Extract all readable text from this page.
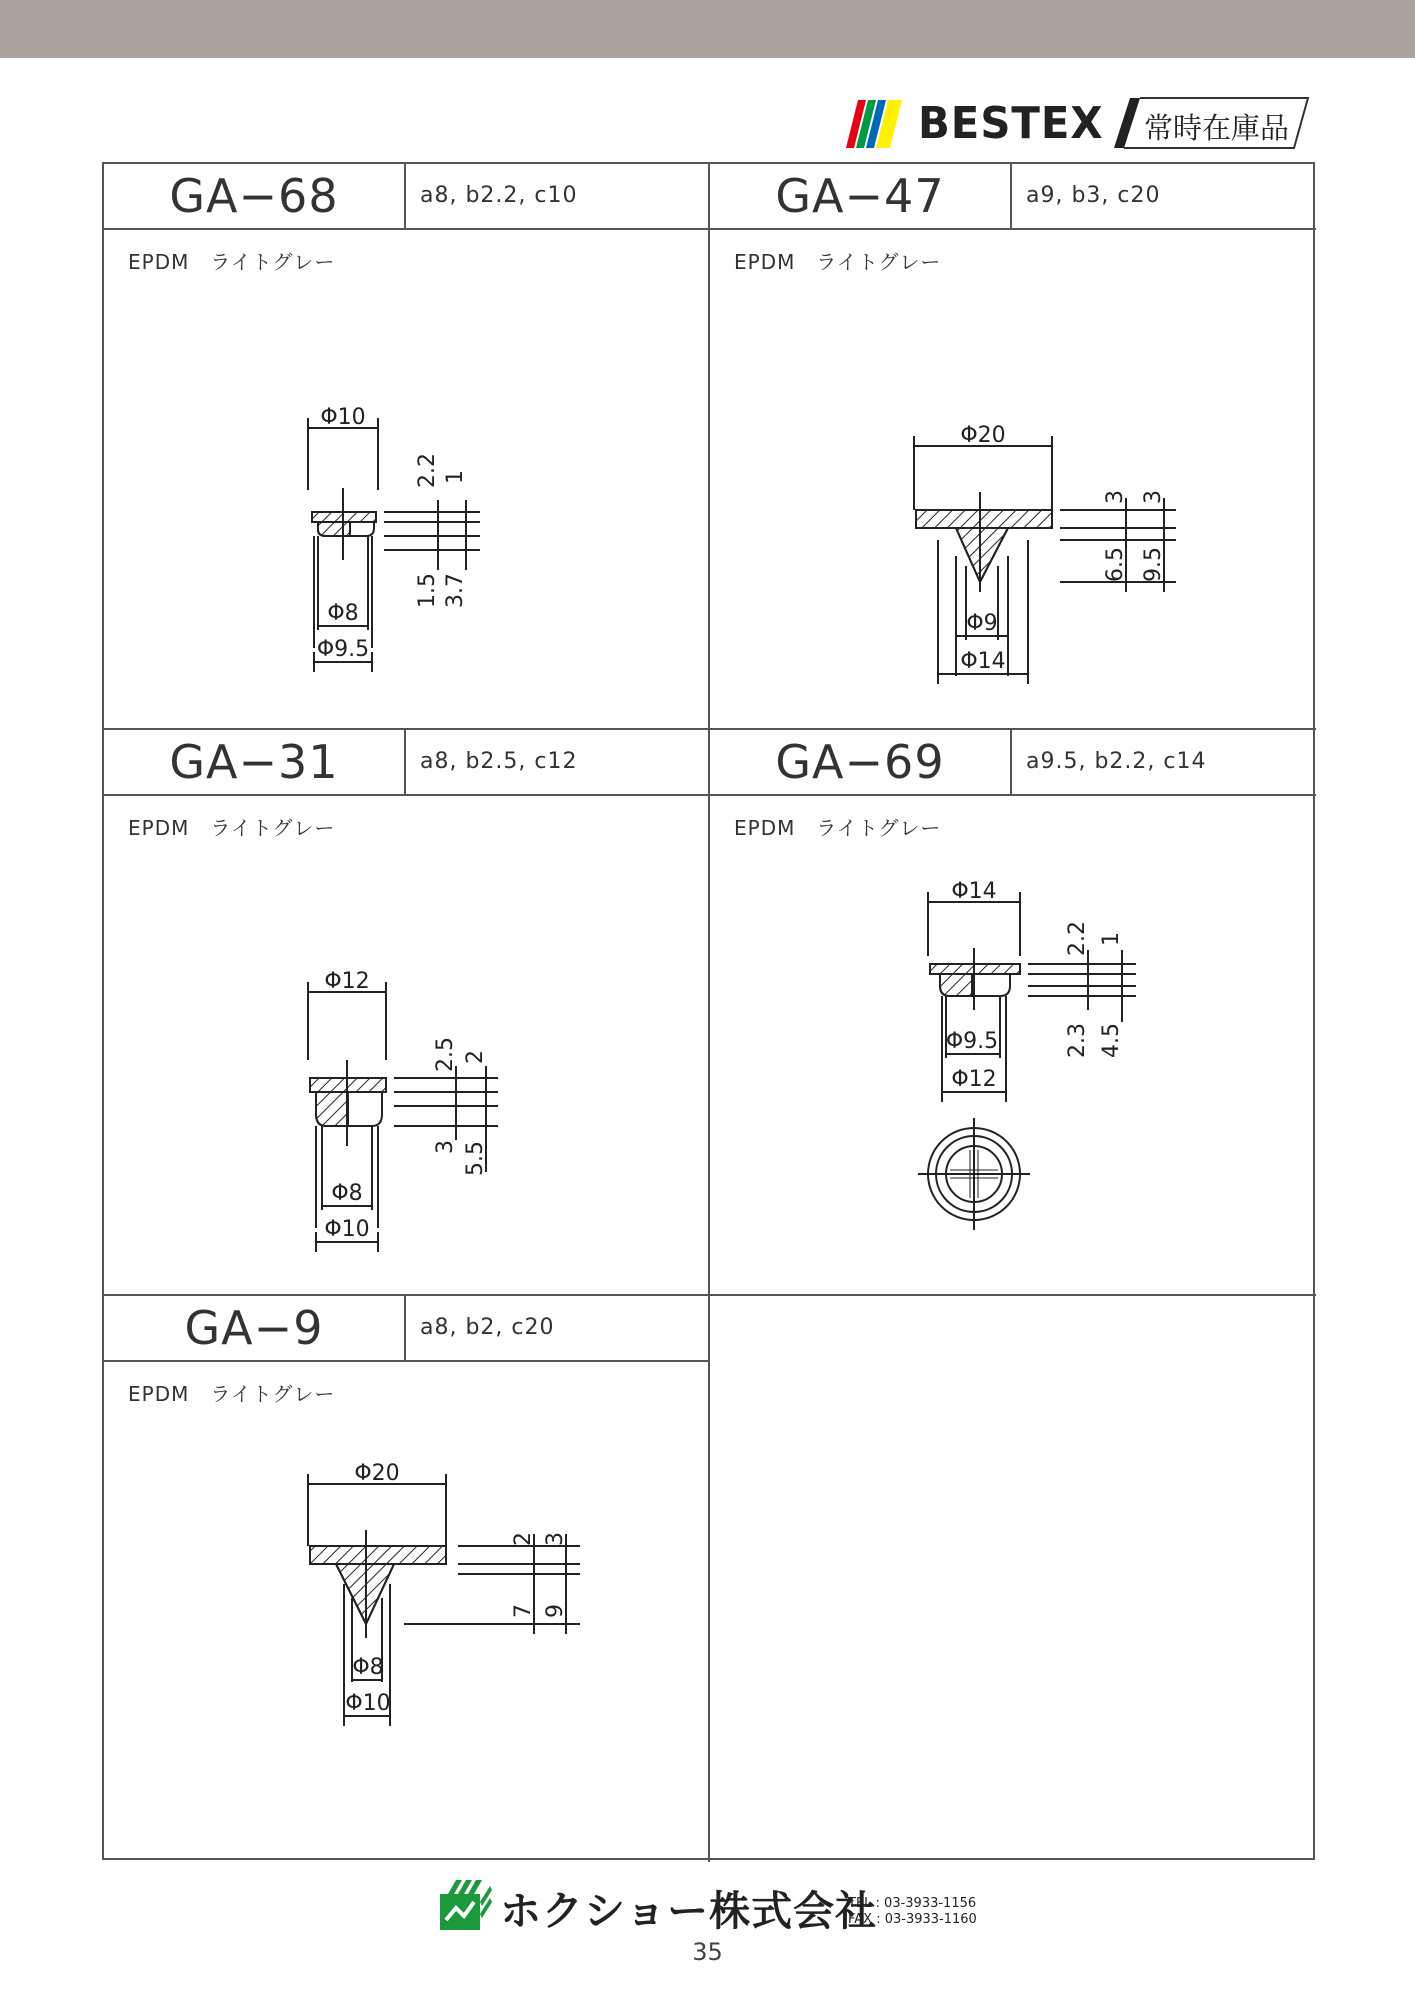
BESTEX 常時在庫品
GA−68	a8, b2.2, c10
EPDM　ライトグレー
Φ10
Φ8
Φ9.5
2.2 1
1.5 3.7
GA−47	a9, b3, c20
EPDM　ライトグレー
Φ20
Φ9
Φ14
3 3
6.5 9.5
GA−31	a8, b2.5, c12
EPDM　ライトグレー
Φ12
Φ8
Φ10
2.5 2
3 5.5
GA−69	a9.5, b2.2, c14
EPDM　ライトグレー
Φ14
Φ9.5
Φ12
2.2 1
2.3 4.5
GA−9	a8, b2, c20
EPDM　ライトグレー
Φ20
Φ8
Φ10
2 3
7 9
ホクショー株式会社
TEL : 03-3933-1156
FAX : 03-3933-1160
35
